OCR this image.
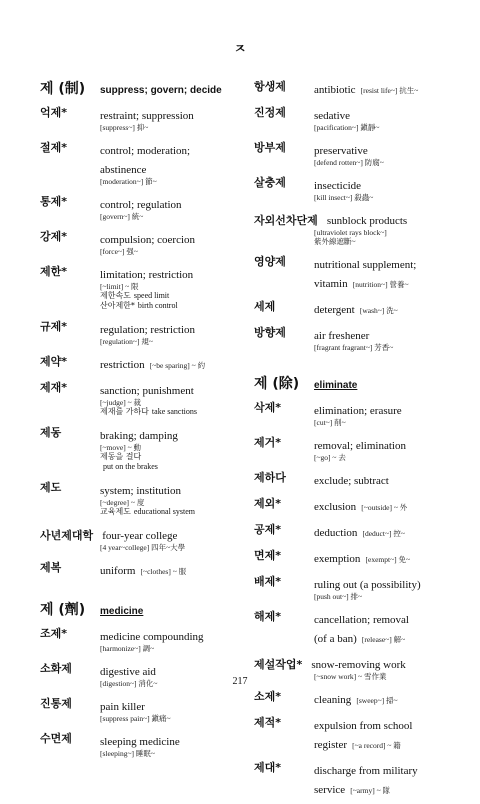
ㅈ
제 (制)	suppress; govern; decide
억제*	restraint; suppression
[suppress~] 抑~
절제*	control; moderation;
abstinence
[moderation~] 節~
통제*	control; regulation
[govern~] 統~
강제*	compulsion; coercion
[force~] 强~
제한*	limitation; restriction
[~limit] ~ 限
제한속도 speed limit
산아제한* birth control
규제*	regulation; restriction
[regulation~] 規~
제약*	restriction [~be sparing] ~ 約
제재*	sanction; punishment
[~judge] ~ 裁
제재를 가하다 take sanctions
제동	braking; damping
[~move] ~ 動
제동을 걸다
put on the brakes
제도	system; institution
[~degree] ~ 度
교육제도 educational system
사년제대학 four-year college
[4 year~college] 四年~大學
제복	uniform [~clothes] ~ 服
제 (劑)	medicine
조제*	medicine compounding
[harmonize~] 調~
소화제	digestive aid
[digestion~] 消化~
진통제	pain killer
[suppress pain~] 鎭痛~
수면제	sleeping medicine
[sleeping~] 睡眠~
항생제	antibiotic [resist life~] 抗生~
진정제	sedative
[pacification~] 鎭靜~
방부제	preservative
[defend rotten~] 防腐~
살충제	insecticide
[kill insect~] 殺蟲~
자외선차단제 sunblock products
[ultraviolet rays block~]
紫外線遮斷~
영양제	nutritional supplement;
vitamin [nutrition~] 營養~
세제	detergent [wash~] 洗~
방향제	air freshener
[fragrant fragrant~] 芳香~
제 (除)	eliminate
삭제*	elimination; erasure
[cut~] 削~
제거*	removal; elimination
[~go] ~ 去
제하다	exclude; subtract
제외*	exclusion [~outside] ~ 外
공제*	deduction [deduct~] 控~
면제*	exemption [exempt~] 免~
배제*	ruling out (a possibility)
[push out~] 排~
해제*	cancellation; removal
(of a ban) [release~] 解~
제설작업* snow-removing work
[~snow work] ~ 雪作業
소제*	cleaning [sweep~] 掃~
제적*	expulsion from school
register [~a record] ~ 籍
제대*	discharge from military
service [~army] ~ 隊
217
